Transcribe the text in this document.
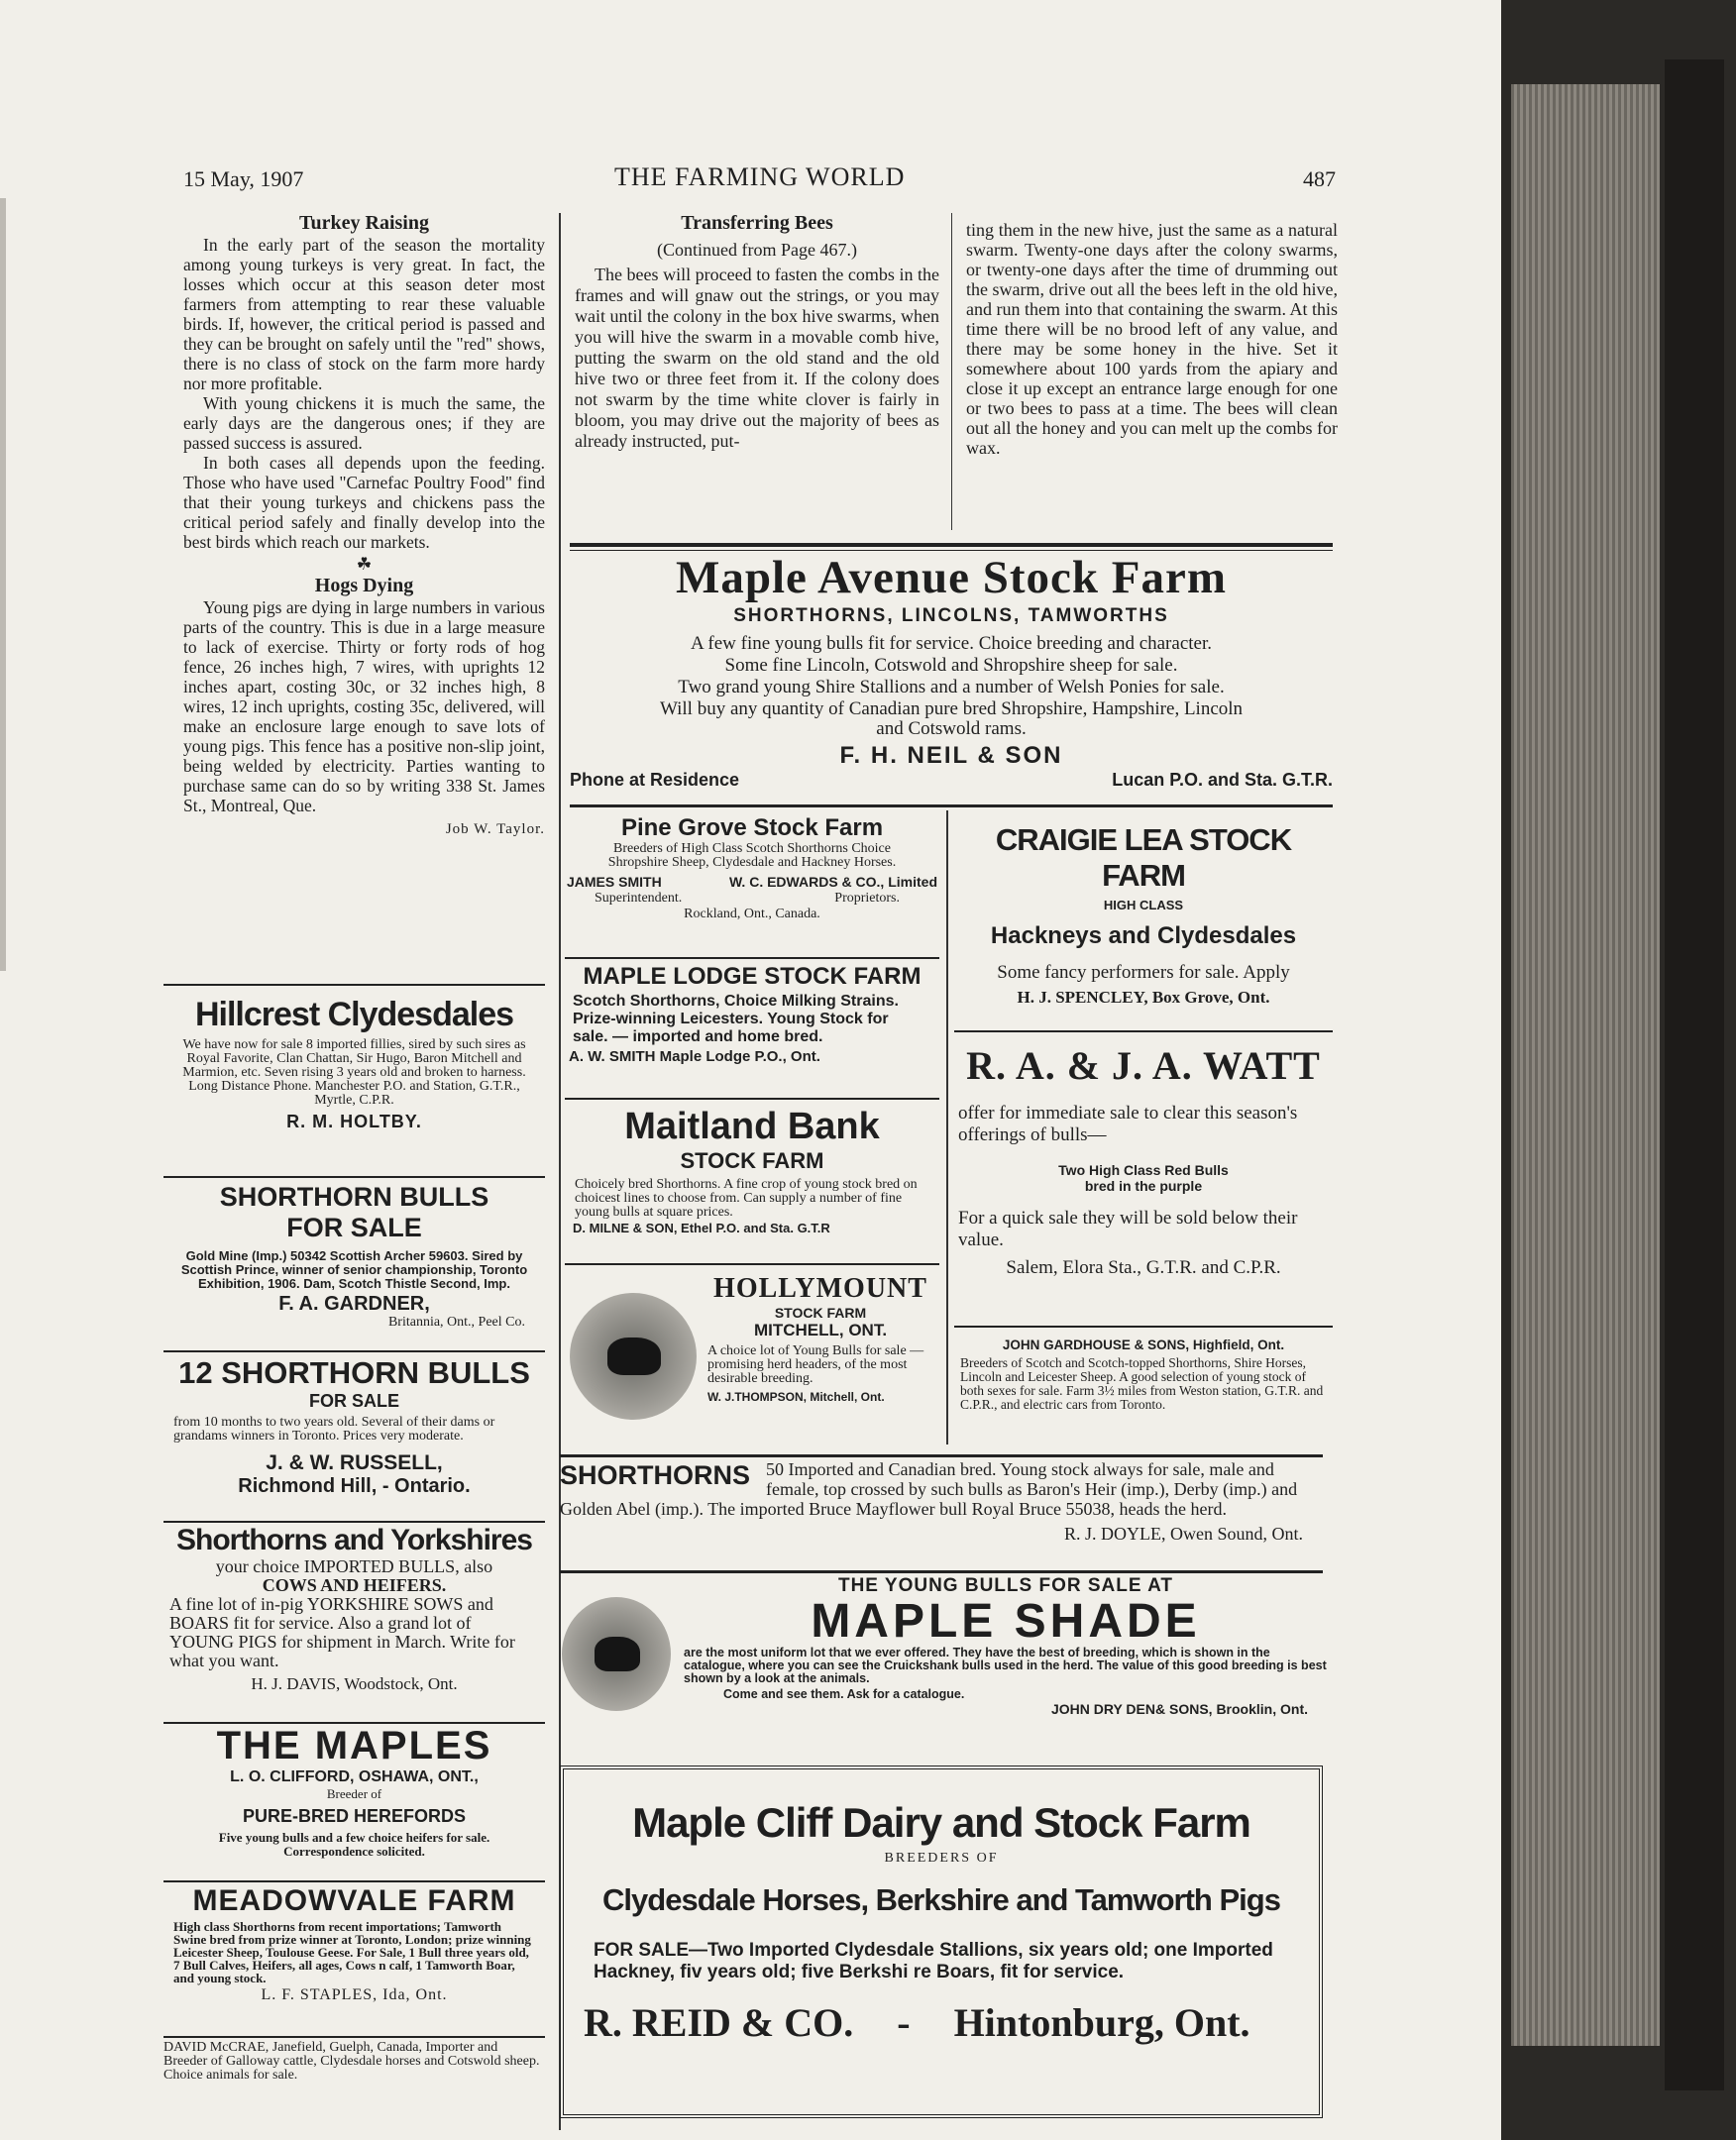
15 May, 1907	THE FARMING WORLD	487
Turkey Raising

In the early part of the season the mortality among young turkeys is very great. In fact, the losses which occur at this season deter most farmers from attempting to rear these valuable birds. If, however, the critical period is passed and they can be brought on safely until the "red" shows, there is no class of stock on the farm more hardy nor more profitable.

With young chickens it is much the same, the early days are the dangerous ones; if they are passed success is assured.

In both cases all depends upon the feeding. Those who have used "Carnefac Poultry Food" find that their young turkeys and chickens pass the critical period safely and finally develop into the best birds which reach our markets.

☘
Hogs Dying

Young pigs are dying in large numbers in various parts of the country. This is due in a large measure to lack of exercise. Thirty or forty rods of hog fence, 26 inches high, 7 wires, with uprights 12 inches apart, costing 30c, or 32 inches high, 8 wires, 12 inch uprights, costing 35c, delivered, will make an enclosure large enough to save lots of young pigs. This fence has a positive non-slip joint, being welded by electricity. Parties wanting to purchase same can do so by writing 338 St. James St., Montreal, Que.

Job W. Taylor.
Transferring Bees
(Continued from Page 467.)

The bees will proceed to fasten the combs in the frames and will gnaw out the strings, or you may wait until the colony in the box hive swarms, when you will hive the swarm in a movable comb hive, putting the swarm on the old stand and the old hive two or three feet from it. If the colony does not swarm by the time white clover is fairly in bloom, you may drive out the majority of bees as already instructed, put-

ting them in the new hive, just the same as a natural swarm. Twenty-one days after the colony swarms, or twenty-one days after the time of drumming out the swarm, drive out all the bees left in the old hive, and run them into that containing the swarm. At this time there will be no brood left of any value, and there may be some honey in the hive. Set it somewhere about 100 yards from the apiary and close it up except an entrance large enough for one or two bees to pass at a time. The bees will clean out all the honey and you can melt up the combs for wax.

Maple Avenue Stock Farm
SHORTHORNS, LINCOLNS, TAMWORTHS
A few fine young bulls fit for service. Choice breeding and character.
Some fine Lincoln, Cotswold and Shropshire sheep for sale.
Two grand young Shire Stallions and a number of Welsh Ponies for sale.
Will buy any quantity of Canadian pure bred Shropshire, Hampshire, Lincoln
and Cotswold rams.
F. H. NEIL & SON
Phone at Residence	Lucan P.O. and Sta. G.T.R.
Pine Grove Stock Farm
Breeders of High Class Scotch Shorthorns Choice Shropshire Sheep, Clydesdale and Hackney Horses.
JAMES SMITH	W. C. EDWARDS & CO., Limited
Superintendent.	Proprietors.
Rockland, Ont., Canada.
MAPLE LODGE STOCK FARM
Scotch Shorthorns, Choice Milking Strains. Prize-winning Leicesters. Young Stock for sale. — imported and home bred.
A. W. SMITH Maple Lodge P.O., Ont.
Maitland Bank
STOCK FARM
Choicely bred Shorthorns. A fine crop of young stock bred on choicest lines to choose from. Can supply a number of fine young bulls at square prices.
D. MILNE & SON, Ethel P.O. and Sta. G.T.R
HOLLYMOUNT
STOCK FARM
MITCHELL, ONT.
A choice lot of Young Bulls for sale — promising herd headers, of the most desirable breeding.
W. J.THOMPSON, Mitchell, Ont.
CRAIGIE LEA STOCK FARM
HIGH CLASS
Hackneys and Clydesdales
Some fancy performers for sale. Apply
H. J. SPENCLEY, Box Grove, Ont.
R. A. & J. A. WATT
offer for immediate sale to clear this season's offerings of bulls—
Two High Class Red Bulls
bred in the purple
For a quick sale they will be sold below their value.
Salem, Elora Sta., G.T.R. and C.P.R.
JOHN GARDHOUSE & SONS, Highfield, Ont.
Breeders of Scotch and Scotch-topped Shorthorns, Shire Horses, Lincoln and Leicester Sheep. A good selection of young stock of both sexes for sale. Farm 3½ miles from Weston station, G.T.R. and C.P.R., and electric cars from Toronto.
SHORTHORNS 50 Imported and Canadian bred. Young stock always for sale, male and female, top crossed by such bulls as Baron's Heir (imp.), Derby (imp.) and Golden Abel (imp.). The imported Bruce Mayflower bull Royal Bruce 55038, heads the herd.
R. J. DOYLE, Owen Sound, Ont.
THE YOUNG BULLS FOR SALE AT
MAPLE SHADE
are the most uniform lot that we ever offered. They have the best of breeding, which is shown in the catalogue, where you can see the Cruickshank bulls used in the herd. The value of this good breeding is best shown by a look at the animals.
Come and see them. Ask for a catalogue.
JOHN DRY DEN& SONS, Brooklin, Ont.
Maple Cliff Dairy and Stock Farm
BREEDERS OF
Clydesdale Horses, Berkshire and Tamworth Pigs
FOR SALE—Two Imported Clydesdale Stallions, six years old; one Imported Hackney, fiv years old; five Berkshi re Boars, fit for service.
R. REID & CO. - Hintonburg, Ont.
Hillcrest Clydesdales
We have now for sale 8 imported fillies, sired by such sires as Royal Favorite, Clan Chattan, Sir Hugo, Baron Mitchell and Marmion, etc. Seven rising 3 years old and broken to harness. Long Distance Phone. Manchester P.O. and Station, G.T.R., Myrtle, C.P.R.
R. M. HOLTBY.
SHORTHORN BULLS
FOR SALE
Gold Mine (Imp.) 50342 Scottish Archer 59603. Sired by Scottish Prince, winner of senior championship, Toronto Exhibition, 1906. Dam, Scotch Thistle Second, Imp.
F. A. GARDNER,
Britannia, Ont., Peel Co.
12 SHORTHORN BULLS
FOR SALE
from 10 months to two years old. Several of their dams or grandams winners in Toronto. Prices very moderate.
J. & W. RUSSELL,
Richmond Hill, - Ontario.
Shorthorns and Yorkshires
your choice IMPORTED BULLS, also
COWS AND HEIFERS.
A fine lot of in-pig YORKSHIRE SOWS and BOARS fit for service. Also a grand lot of YOUNG PIGS for shipment in March. Write for what you want.
H. J. DAVIS, Woodstock, Ont.
THE MAPLES
L. O. CLIFFORD, OSHAWA, ONT.,
Breeder of
PURE-BRED HEREFORDS
Five young bulls and a few choice heifers for sale. Correspondence solicited.
MEADOWVALE FARM
High class Shorthorns from recent importations; Tamworth Swine bred from prize winner at Toronto, London; prize winning Leicester Sheep, Toulouse Geese. For Sale, 1 Bull three years old, 7 Bull Calves, Heifers, all ages, Cows n calf, 1 Tamworth Boar, and young stock.
L. F. STAPLES, Ida, Ont.
DAVID McCRAE, Janefield, Guelph, Canada, Importer and Breeder of Galloway cattle, Clydesdale horses and Cotswold sheep. Choice animals for sale.
